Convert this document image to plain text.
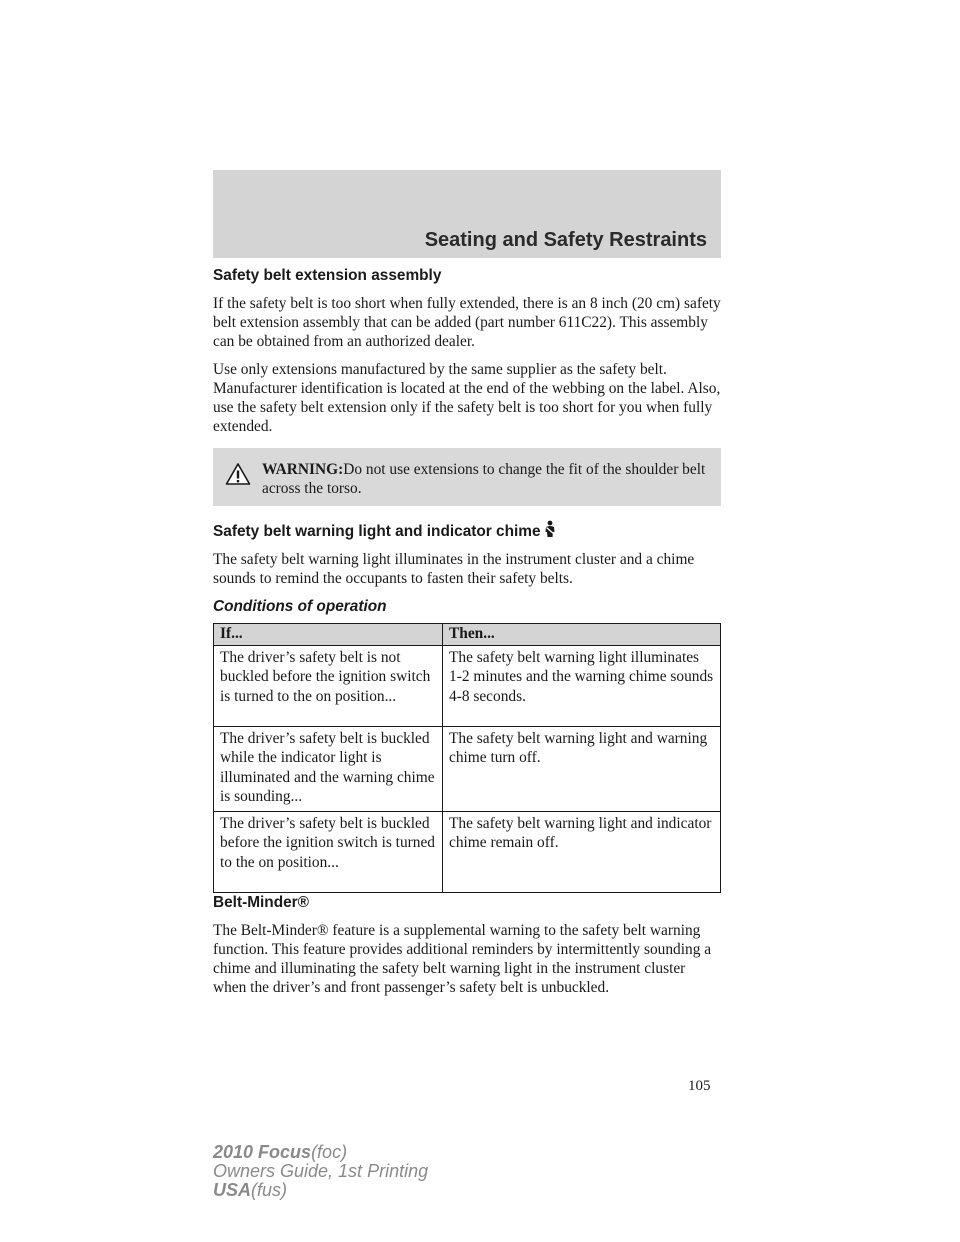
Seating and Safety Restraints
Safety belt extension assembly

If the safety belt is too short when fully extended, there is an 8 inch (20 cm) safety belt extension assembly that can be added (part number 611C22). This assembly can be obtained from an authorized dealer.

Use only extensions manufactured by the same supplier as the safety belt. Manufacturer identification is located at the end of the webbing on the label. Also, use the safety belt extension only if the safety belt is too short for you when fully extended.

WARNING:Do not use extensions to change the fit of the shoulder belt across the torso.
Safety belt warning light and indicator chime

The safety belt warning light illuminates in the instrument cluster and a chime sounds to remind the occupants to fasten their safety belts.

Conditions of operation
If...	Then...
The driver’s safety belt is not buckled before the ignition switch is turned to the on position...	The safety belt warning light illuminates 1-2 minutes and the warning chime sounds 4-8 seconds.
The driver’s safety belt is buckled while the indicator light is illuminated and the warning chime is sounding...	The safety belt warning light and warning chime turn off.
The driver’s safety belt is buckled before the ignition switch is turned to the on position...	The safety belt warning light and indicator chime remain off.
Belt-Minder®

The Belt-Minder® feature is a supplemental warning to the safety belt warning function. This feature provides additional reminders by intermittently sounding a chime and illuminating the safety belt warning light in the instrument cluster when the driver’s and front passenger’s safety belt is unbuckled.

105
2010 Focus(foc)
Owners Guide, 1st Printing
USA(fus)
